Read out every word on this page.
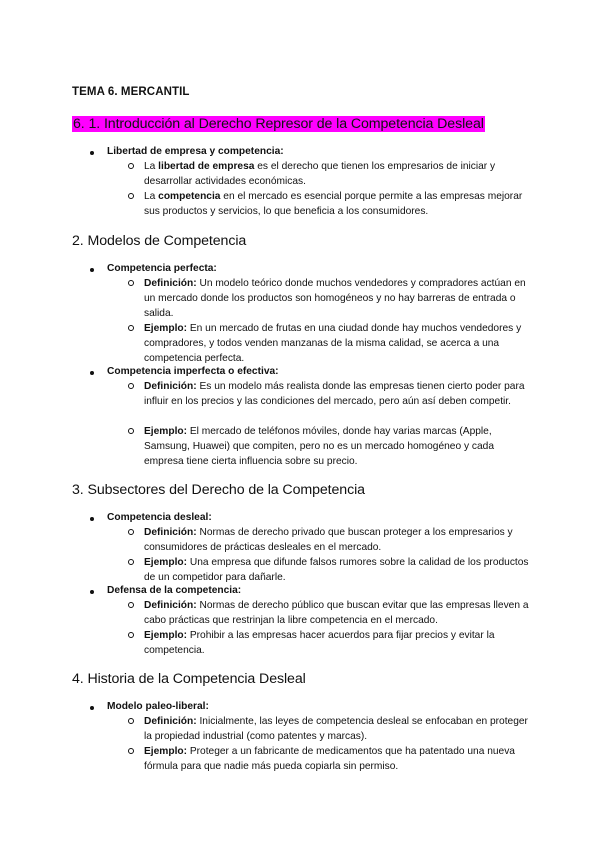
TEMA 6. MERCANTIL
6. 1. Introducción al Derecho Represor de la Competencia Desleal
Libertad de empresa y competencia:
La libertad de empresa es el derecho que tienen los empresarios de iniciar y desarrollar actividades económicas.
La competencia en el mercado es esencial porque permite a las empresas mejorar sus productos y servicios, lo que beneficia a los consumidores.
2. Modelos de Competencia
Competencia perfecta:
Definición: Un modelo teórico donde muchos vendedores y compradores actúan en un mercado donde los productos son homogéneos y no hay barreras de entrada o salida.
Ejemplo: En un mercado de frutas en una ciudad donde hay muchos vendedores y compradores, y todos venden manzanas de la misma calidad, se acerca a una competencia perfecta.
Competencia imperfecta o efectiva:
Definición: Es un modelo más realista donde las empresas tienen cierto poder para influir en los precios y las condiciones del mercado, pero aún así deben competir.
Ejemplo: El mercado de teléfonos móviles, donde hay varias marcas (Apple, Samsung, Huawei) que compiten, pero no es un mercado homogéneo y cada empresa tiene cierta influencia sobre su precio.
3. Subsectores del Derecho de la Competencia
Competencia desleal:
Definición: Normas de derecho privado que buscan proteger a los empresarios y consumidores de prácticas desleales en el mercado.
Ejemplo: Una empresa que difunde falsos rumores sobre la calidad de los productos de un competidor para dañarle.
Defensa de la competencia:
Definición: Normas de derecho público que buscan evitar que las empresas lleven a cabo prácticas que restrinjan la libre competencia en el mercado.
Ejemplo: Prohibir a las empresas hacer acuerdos para fijar precios y evitar la competencia.
4. Historia de la Competencia Desleal
Modelo paleo-liberal:
Definición: Inicialmente, las leyes de competencia desleal se enfocaban en proteger la propiedad industrial (como patentes y marcas).
Ejemplo: Proteger a un fabricante de medicamentos que ha patentado una nueva fórmula para que nadie más pueda copiarla sin permiso.
